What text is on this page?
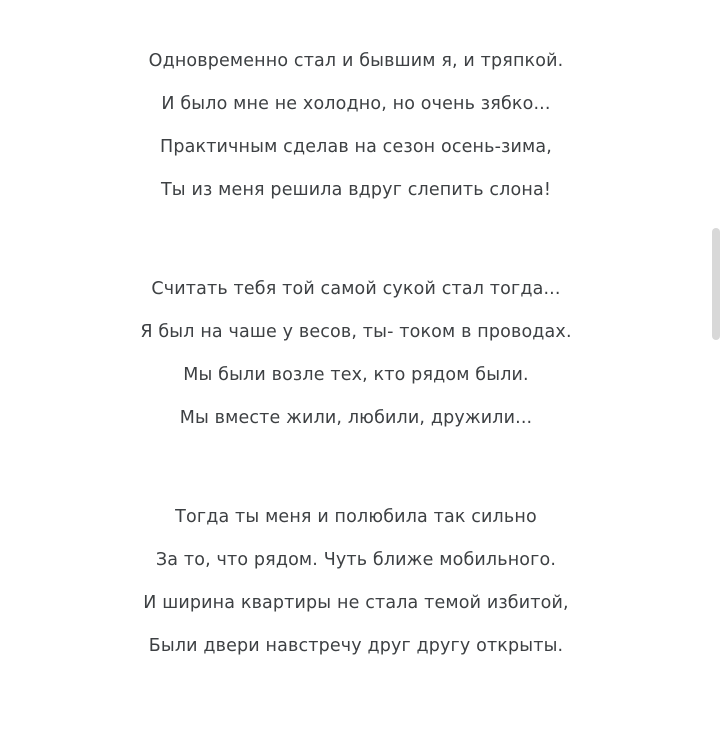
Одновременно стал и бывшим я, и тряпкой.
И было мне не холодно, но очень зябко...
Практичным сделав на сезон осень-зима,
Ты из меня решила вдруг слепить слона!
Считать тебя той самой сукой стал тогда...
Я был на чаше у весов, ты- током в проводах.
Мы были возле тех, кто рядом были.
Мы вместе жили, любили, дружили...
Тогда ты меня и полюбила так сильно
За то, что рядом. Чуть ближе мобильного.
И ширина квартиры не стала темой избитой,
Были двери навстречу друг другу открыты.
